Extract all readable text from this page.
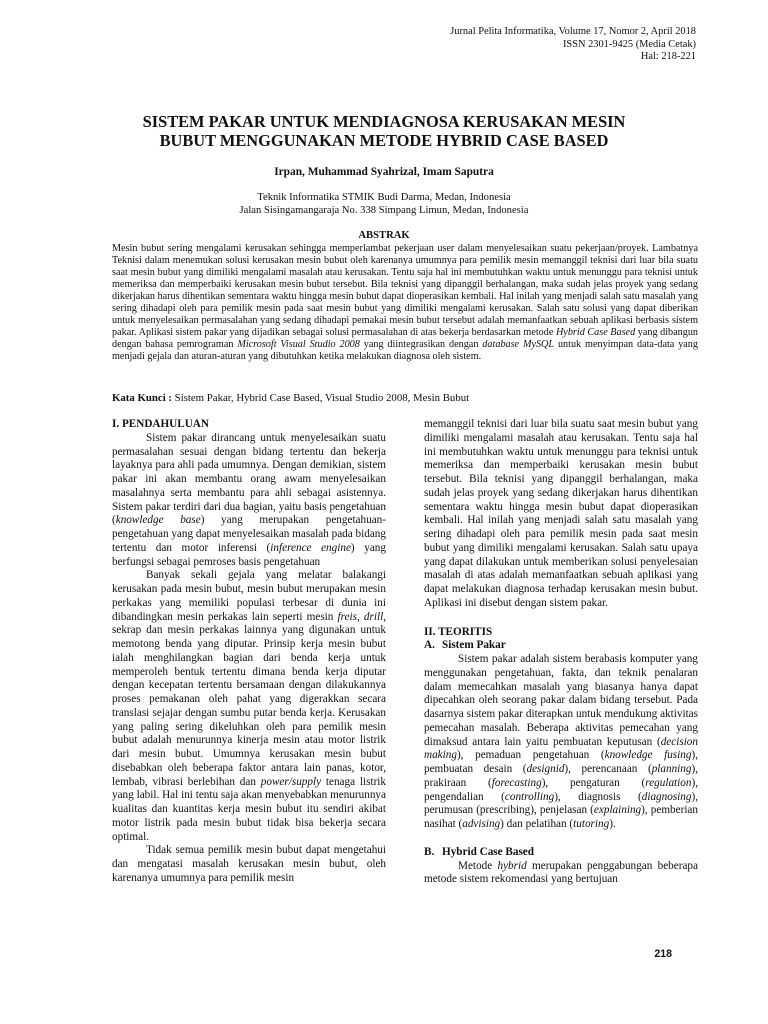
Jurnal Pelita Informatika, Volume 17, Nomor 2, April 2018
ISSN 2301-9425 (Media Cetak)
Hal: 218-221
SISTEM PAKAR UNTUK MENDIAGNOSA KERUSAKAN MESIN
BUBUT MENGGUNAKAN METODE HYBRID CASE BASED
Irpan, Muhammad Syahrizal, Imam Saputra
Teknik Informatika STMIK Budi Darma, Medan, Indonesia
Jalan Sisingamangaraja No. 338 Simpang Limun, Medan, Indonesia
ABSTRAK
Mesin bubut sering mengalami kerusakan sehingga memperlambat pekerjaan user dalam menyelesaikan suatu pekerjaan/proyek. Lambatnya Teknisi dalam menemukan solusi kerusakan mesin bubut oleh karenanya umumnya para pemilik mesin memanggil teknisi dari luar bila suatu saat mesin bubut yang dimiliki mengalami masalah atau kerusakan. Tentu saja hal ini membutuhkan waktu untuk menunggu para teknisi untuk memeriksa dan memperbaiki kerusakan mesin bubut tersebut. Bila teknisi yang dipanggil berhalangan, maka sudah jelas proyek yang sedang dikerjakan harus dihentikan sementara waktu hingga mesin bubut dapat dioperasikan kembali. Hal inilah yang menjadi salah satu masalah yang sering dihadapi oleh para pemilik mesin pada saat mesin bubut yang dimiliki mengalami kerusakan. Salah satu solusi yang dapat diberikan untuk menyelesaikan permasalahan yang sedang dihadapi pemakai mesin bubut tersebut adalah memanfaatkan sebuah aplikasi berbasis sistem pakar. Aplikasi sistem pakar yang dijadikan sebagai solusi permasalahan di atas bekerja berdasarkan metode Hybrid Case Based yang dibangun dengan bahasa pemrograman Microsoft Visual Studio 2008 yang diintegrasikan dengan database MySQL untuk menyimpan data-data yang menjadi gejala dan aturan-aturan yang dibutuhkan ketika melakukan diagnosa oleh sistem.
Kata Kunci : Sistem Pakar, Hybrid Case Based, Visual Studio 2008, Mesin Bubut
I. PENDAHULUAN

Sistem pakar dirancang untuk menyelesaikan suatu permasalahan sesuai dengan bidang tertentu dan bekerja layaknya para ahli pada umumnya. Dengan demikian, sistem pakar ini akan membantu orang awam menyelesaikan masalahnya serta membantu para ahli sebagai asistennya. Sistem pakar terdiri dari dua bagian, yaitu basis pengetahuan (knowledge base) yang merupakan pengetahuan-pengetahuan yang dapat menyelesaikan masalah pada bidang tertentu dan motor inferensi (inference engine) yang berfungsi sebagai pemroses basis pengetahuan

Banyak sekali gejala yang melatar balakangi kerusakan pada mesin bubut, mesin bubut merupakan mesin perkakas yang memiliki populasi terbesar di dunia ini dibandingkan mesin perkakas lain seperti mesin freis, drill, sekrap dan mesin perkakas lainnya yang digunakan untuk memotong benda yang diputar. Prinsip kerja mesin bubut ialah menghilangkan bagian dari benda kerja untuk memperoleh bentuk tertentu dimana benda kerja diputar dengan kecepatan tertentu bersamaan dengan dilakukannya proses pemakanan oleh pahat yang digerakkan secara translasi sejajar dengan sumbu putar benda kerja. Kerusakan yang paling sering dikeluhkan oleh para pemilik mesin bubut adalah menurunnya kinerja mesin atau motor listrik dari mesin bubut. Umumnya kerusakan mesin bubut disebabkan oleh beberapa faktor antara lain panas, kotor, lembab, vibrasi berlebihan dan power/supply tenaga listrik yang labil. Hal ini tentu saja akan menyebabkan menurunnya kualitas dan kuantitas kerja mesin bubut itu sendiri akibat motor listrik pada mesin bubut tidak bisa bekerja secara optimal.

Tidak semua pemilik mesin bubut dapat mengetahui dan mengatasi masalah kerusakan mesin bubut, oleh karenanya umumnya para pemilik mesin

memanggil teknisi dari luar bila suatu saat mesin bubut yang dimiliki mengalami masalah atau kerusakan. Tentu saja hal ini membutuhkan waktu untuk menunggu para teknisi untuk memeriksa dan memperbaiki kerusakan mesin bubut tersebut. Bila teknisi yang dipanggil berhalangan, maka sudah jelas proyek yang sedang dikerjakan harus dihentikan sementara waktu hingga mesin bubut dapat dioperasikan kembali. Hal inilah yang menjadi salah satu masalah yang sering dihadapi oleh para pemilik mesin pada saat mesin bubut yang dimiliki mengalami kerusakan. Salah satu upaya yang dapat dilakukan untuk memberikan solusi penyelesaian masalah di atas adalah memanfaatkan sebuah aplikasi yang dapat melakukan diagnosa terhadap kerusakan mesin bubut. Aplikasi ini disebut dengan sistem pakar.

II. TEORITIS
A. Sistem Pakar

Sistem pakar adalah sistem berabasis komputer yang menggunakan pengetahuan, fakta, dan teknik penalaran dalam memecahkan masalah yang biasanya hanya dapat dipecahkan oleh seorang pakar dalam bidang tersebut. Pada dasarnya sistem pakar diterapkan untuk mendukung aktivitas pemecahan masalah. Beberapa aktivitas pemecahan yang dimaksud antara lain yaitu pembuatan keputusan (decision making), pemaduan pengetahuan (knowledge fusing), pembuatan desain (designid), perencanaan (planning), prakiraan (forecasting), pengaturan (regulation), pengendalian (controlling), diagnosis (diagnosing), perumusan (prescribing), penjelasan (explaining), pemberian nasihat (advising) dan pelatihan (tutoring).

B. Hybrid Case Based

Metode hybrid merupakan penggabungan beberapa metode sistem rekomendasi yang bertujuan

218
